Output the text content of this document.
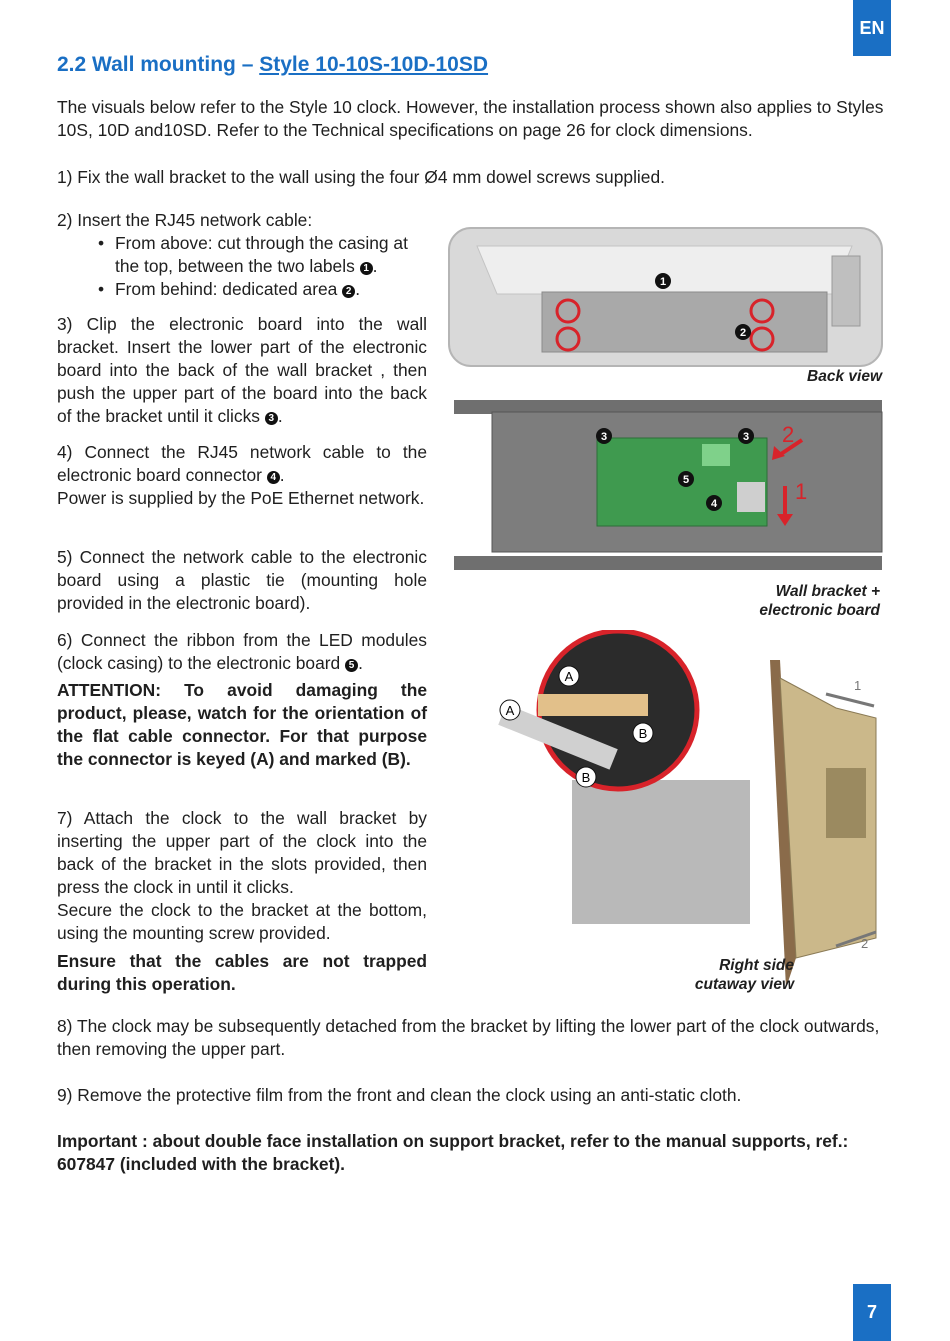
EN
2.2 Wall mounting – Style 10-10S-10D-10SD

The visuals below refer to the Style 10 clock. However, the installation process shown also applies to Styles 10S, 10D and10SD. Refer to the Technical specifications on page 26 for clock dimensions.

1) Fix the wall bracket to the wall using the four Ø4 mm dowel screws supplied.

2) Insert the RJ45 network cable:

• From above: cut through the casing at the top, between the two labels 1 .
• From behind: dedicated area 2 .

3) Clip the electronic board into the wall bracket. Insert the lower part of the electronic board into the back of the wall bracket , then push the upper part of the board into the back of the bracket until it clicks 3 .

4) Connect the RJ45 network cable to the electronic board connector 4 .
Power is supplied by the PoE Ethernet network.

5) Connect the network cable to the electronic board using a plastic tie (mounting hole provided in the electronic board).

6) Connect the ribbon from the LED modules (clock casing) to the electronic board 5 .

ATTENTION: To avoid damaging the product, please, watch for the orientation of the flat cable connector. For that purpose the connector is keyed (A) and marked (B).

7) Attach the clock to the wall bracket by inserting the upper part of the clock into the back of the bracket in the slots provided, then press the clock in until it clicks.
Secure the clock to the bracket at the bottom, using the mounting screw provided.

Ensure that the cables are not trapped during this operation.

8) The clock may be subsequently detached from the bracket by lifting the lower part of the clock outwards, then removing the upper part.

9) Remove the protective film from the front and clean the clock using an anti-static cloth.

Important : about double face installation on support bracket, refer to the manual supports, ref.: 607847 (included with the bracket).

1
2
Back view
3	3
5
4	1
2
Wall bracket +
electronic board
A
A
B
B
1
2
Right side
cutaway view
7
